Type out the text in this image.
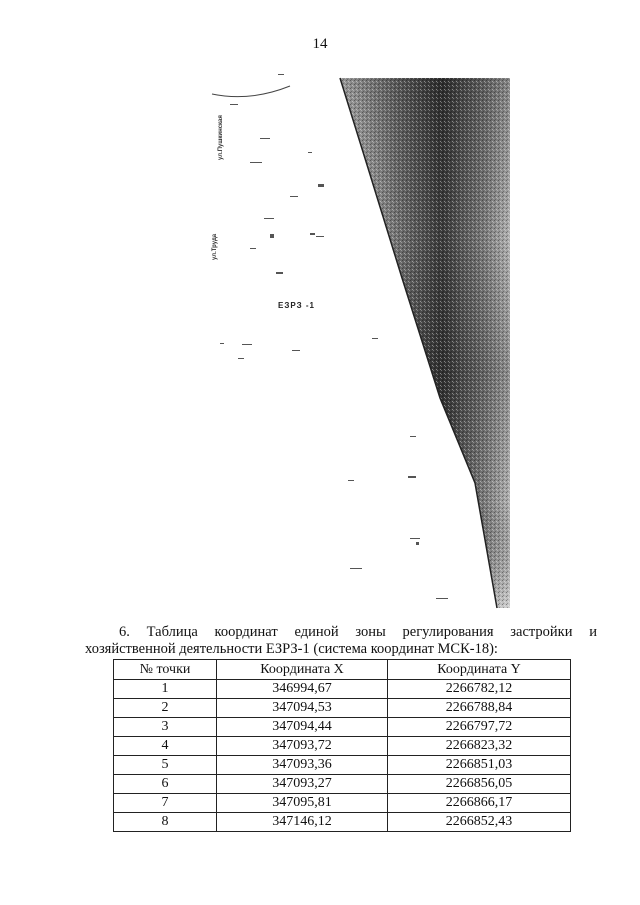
14
ЕЗРЗ -1
ул.Пушкинская
ул.Труда
6. Таблица координат единой зоны регулирования застройки и
хозяйственной деятельности ЕЗРЗ-1 (система координат МСК-18):
№ точки	Координата X	Координата Y
1	346994,67	2266782,12
2	347094,53	2266788,84
3	347094,44	2266797,72
4	347093,72	2266823,32
5	347093,36	2266851,03
6	347093,27	2266856,05
7	347095,81	2266866,17
8	347146,12	2266852,43
